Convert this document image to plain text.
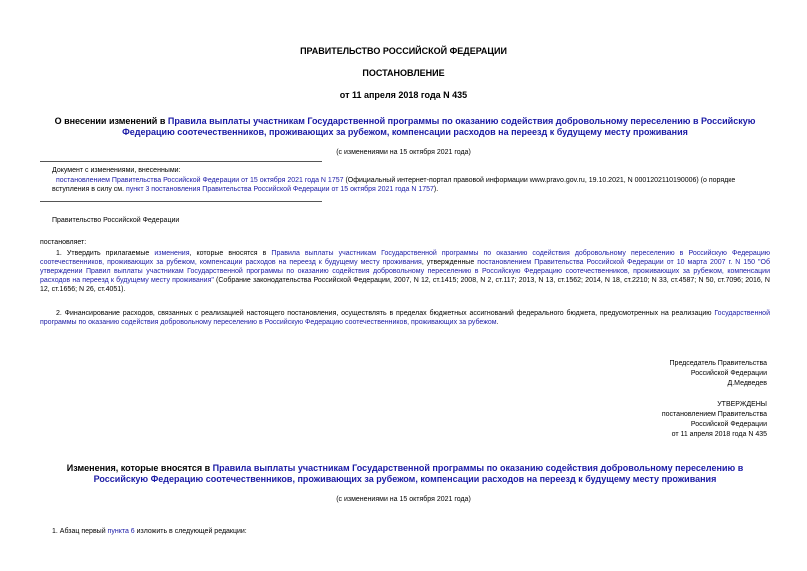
ПРАВИТЕЛЬСТВО РОССИЙСКОЙ ФЕДЕРАЦИИ
ПОСТАНОВЛЕНИЕ
от 11 апреля 2018 года N 435
О внесении изменений в Правила выплаты участникам Государственной программы по оказанию содействия добровольному переселению в Российскую Федерацию соотечественников, проживающих за рубежом, компенсации расходов на переезд к будущему месту проживания
(с изменениями на 15 октября 2021 года)
Документ с изменениями, внесенными:
постановлением Правительства Российской Федерации от 15 октября 2021 года N 1757 (Официальный интернет-портал правовой информации www.pravo.gov.ru, 19.10.2021, N 0001202110190006) (о порядке вступления в силу см. пункт 3 постановления Правительства Российской Федерации от 15 октября 2021 года N 1757).
Правительство Российской Федерации
постановляет:
1. Утвердить прилагаемые изменения, которые вносятся в Правила выплаты участникам Государственной программы по оказанию содействия добровольному переселению в Российскую Федерацию соотечественников, проживающих за рубежом, компенсации расходов на переезд к будущему месту проживания, утвержденные постановлением Правительства Российской Федерации от 10 марта 2007 г. N 150 "Об утверждении Правил выплаты участникам Государственной программы по оказанию содействия добровольному переселению в Российскую Федерацию соотечественников, проживающих за рубежом, компенсации расходов на переезд к будущему месту проживания" (Собрание законодательства Российской Федерации, 2007, N 12, ст.1415; 2008, N 2, ст.117; 2013, N 13, ст.1562; 2014, N 18, ст.2210; N 33, ст.4587; N 50, ст.7096; 2016, N 12, ст.1656; N 26, ст.4051).
2. Финансирование расходов, связанных с реализацией настоящего постановления, осуществлять в пределах бюджетных ассигнований федерального бюджета, предусмотренных на реализацию Государственной программы по оказанию содействия добровольному переселению в Российскую Федерацию соотечественников, проживающих за рубежом.
Председатель Правительства
Российской Федерации
Д.Медведев
УТВЕРЖДЕНЫ
постановлением Правительства
Российской Федерации
от 11 апреля 2018 года N 435
Изменения, которые вносятся в Правила выплаты участникам Государственной программы по оказанию содействия добровольному переселению в Российскую Федерацию соотечественников, проживающих за рубежом, компенсации расходов на переезд к будущему месту проживания
(с изменениями на 15 октября 2021 года)
1. Абзац первый пункта 6 изложить в следующей редакции:
